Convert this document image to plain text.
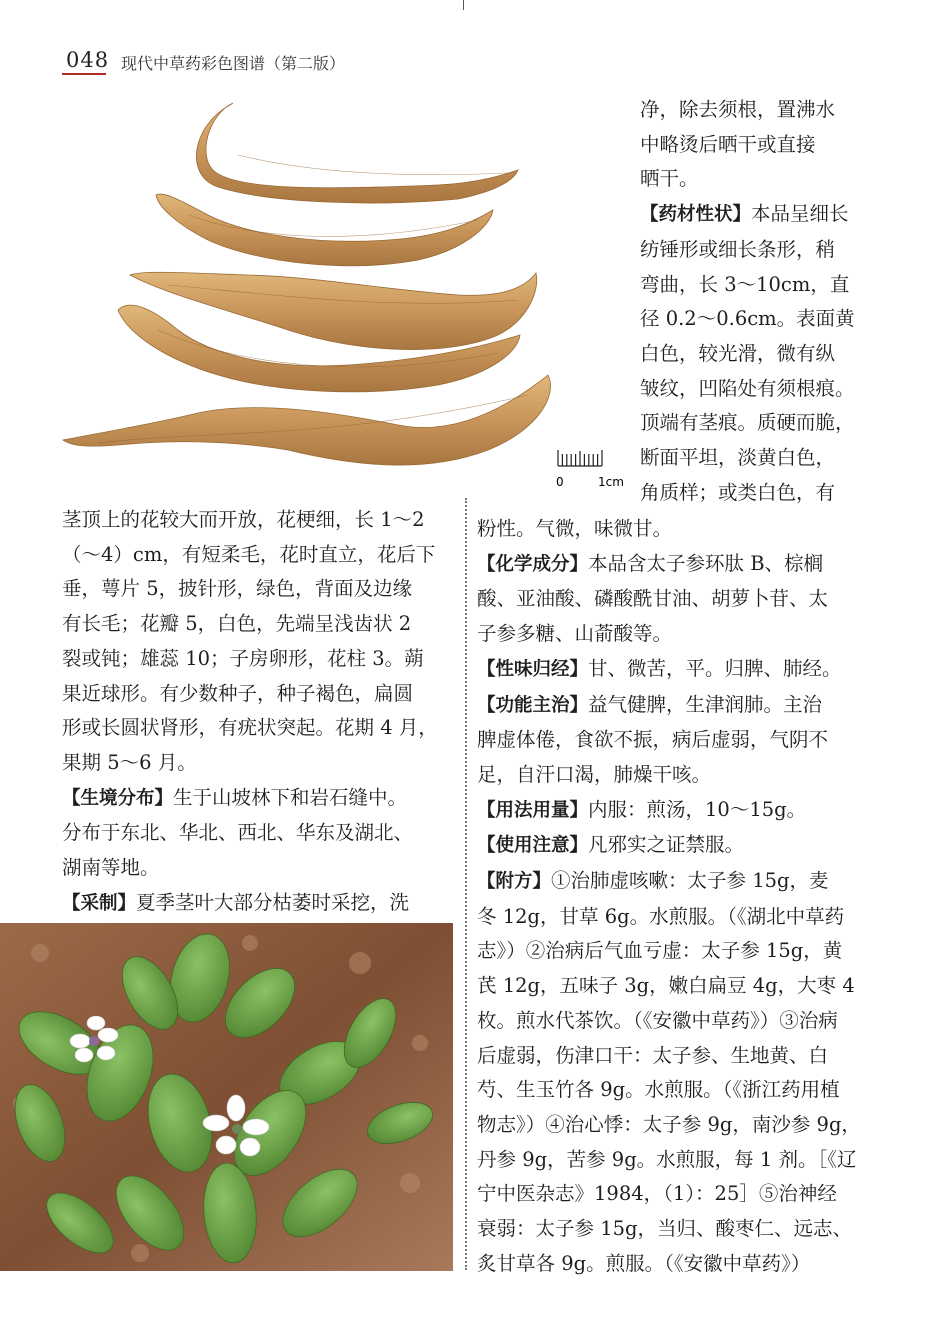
048 现代中草药彩色图谱（第二版）
0	1cm
净，除去须根，置沸水
中略烫后晒干或直接
晒干。
【药材性状】本品呈细长
纺锤形或细长条形，稍
弯曲，长 3～10cm，直
径 0.2～0.6cm。表面黄
白色，较光滑，微有纵
皱纹，凹陷处有须根痕。
顶端有茎痕。质硬而脆，
断面平坦，淡黄白色，
角质样；或类白色，有
粉性。气微，味微甘。
【化学成分】本品含太子参环肽 B、棕榈
酸、亚油酸、磷酸酰甘油、胡萝卜苷、太
子参多糖、山萮酸等。
【性味归经】甘、微苦，平。归脾、肺经。
【功能主治】益气健脾，生津润肺。主治
脾虚体倦，食欲不振，病后虚弱，气阴不
足，自汗口渴，肺燥干咳。
【用法用量】内服：煎汤，10～15g。
【使用注意】凡邪实之证禁服。
【附方】①治肺虚咳嗽：太子参 15g，麦
冬 12g，甘草 6g。水煎服。（《湖北中草药
志》）②治病后气血亏虚：太子参 15g，黄
芪 12g，五味子 3g，嫩白扁豆 4g，大枣 4
枚。煎水代茶饮。（《安徽中草药》）③治病
后虚弱，伤津口干：太子参、生地黄、白
芍、生玉竹各 9g。水煎服。（《浙江药用植
物志》）④治心悸：太子参 9g，南沙参 9g，
丹参 9g，苦参 9g。水煎服，每 1 剂。［《辽
宁中医杂志》1984，（1）：25］⑤治神经
衰弱：太子参 15g，当归、酸枣仁、远志、
炙甘草各 9g。煎服。（《安徽中草药》）
茎顶上的花较大而开放，花梗细，长 1～2
（～4）cm，有短柔毛，花时直立，花后下
垂，萼片 5，披针形，绿色，背面及边缘
有长毛；花瓣 5，白色，先端呈浅齿状 2
裂或钝；雄蕊 10；子房卵形，花柱 3。蒴
果近球形。有少数种子，种子褐色，扁圆
形或长圆状肾形，有疣状突起。花期 4 月，
果期 5～6 月。
【生境分布】生于山坡林下和岩石缝中。
分布于东北、华北、西北、华东及湖北、
湖南等地。
【采制】夏季茎叶大部分枯萎时采挖，洗
